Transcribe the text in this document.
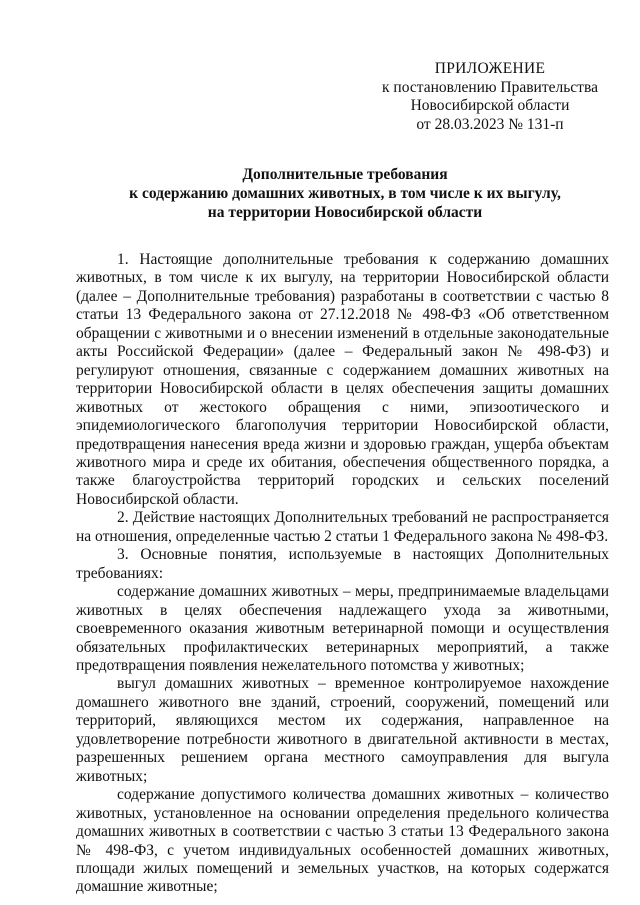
ПРИЛОЖЕНИЕ
к постановлению Правительства
Новосибирской области
от 28.03.2023 № 131-п
Дополнительные требования
к содержанию домашних животных, в том числе к их выгулу,
на территории Новосибирской области

1. Настоящие дополнительные требования к содержанию домашних животных, в том числе к их выгулу, на территории Новосибирской области (далее – Дополнительные требования) разработаны в соответствии с частью 8 статьи 13 Федерального закона от 27.12.2018 № 498-ФЗ «Об ответственном обращении с животными и о внесении изменений в отдельные законодательные акты Российской Федерации» (далее – Федеральный закон № 498-ФЗ) и регулируют отношения, связанные с содержанием домашних животных на территории Новосибирской области в целях обеспечения защиты домашних животных от жестокого обращения с ними, эпизоотического и эпидемиологического благополучия территории Новосибирской области, предотвращения нанесения вреда жизни и здоровью граждан, ущерба объектам животного мира и среде их обитания, обеспечения общественного порядка, а также благоустройства территорий городских и сельских поселений Новосибирской области.

2. Действие настоящих Дополнительных требований не распространяется на отношения, определенные частью 2 статьи 1 Федерального закона № 498-ФЗ.

3. Основные понятия, используемые в настоящих Дополнительных требованиях:

содержание домашних животных – меры, предпринимаемые владельцами животных в целях обеспечения надлежащего ухода за животными, своевременного оказания животным ветеринарной помощи и осуществления обязательных профилактических ветеринарных мероприятий, а также предотвращения появления нежелательного потомства у животных;

выгул домашних животных – временное контролируемое нахождение домашнего животного вне зданий, строений, сооружений, помещений или территорий, являющихся местом их содержания, направленное на удовлетворение потребности животного в двигательной активности в местах, разрешенных решением органа местного самоуправления для выгула животных;

содержание допустимого количества домашних животных – количество животных, установленное на основании определения предельного количества домашних животных в соответствии с частью 3 статьи 13 Федерального закона № 498-ФЗ, с учетом индивидуальных особенностей домашних животных, площади жилых помещений и земельных участков, на которых содержатся домашние животные;
